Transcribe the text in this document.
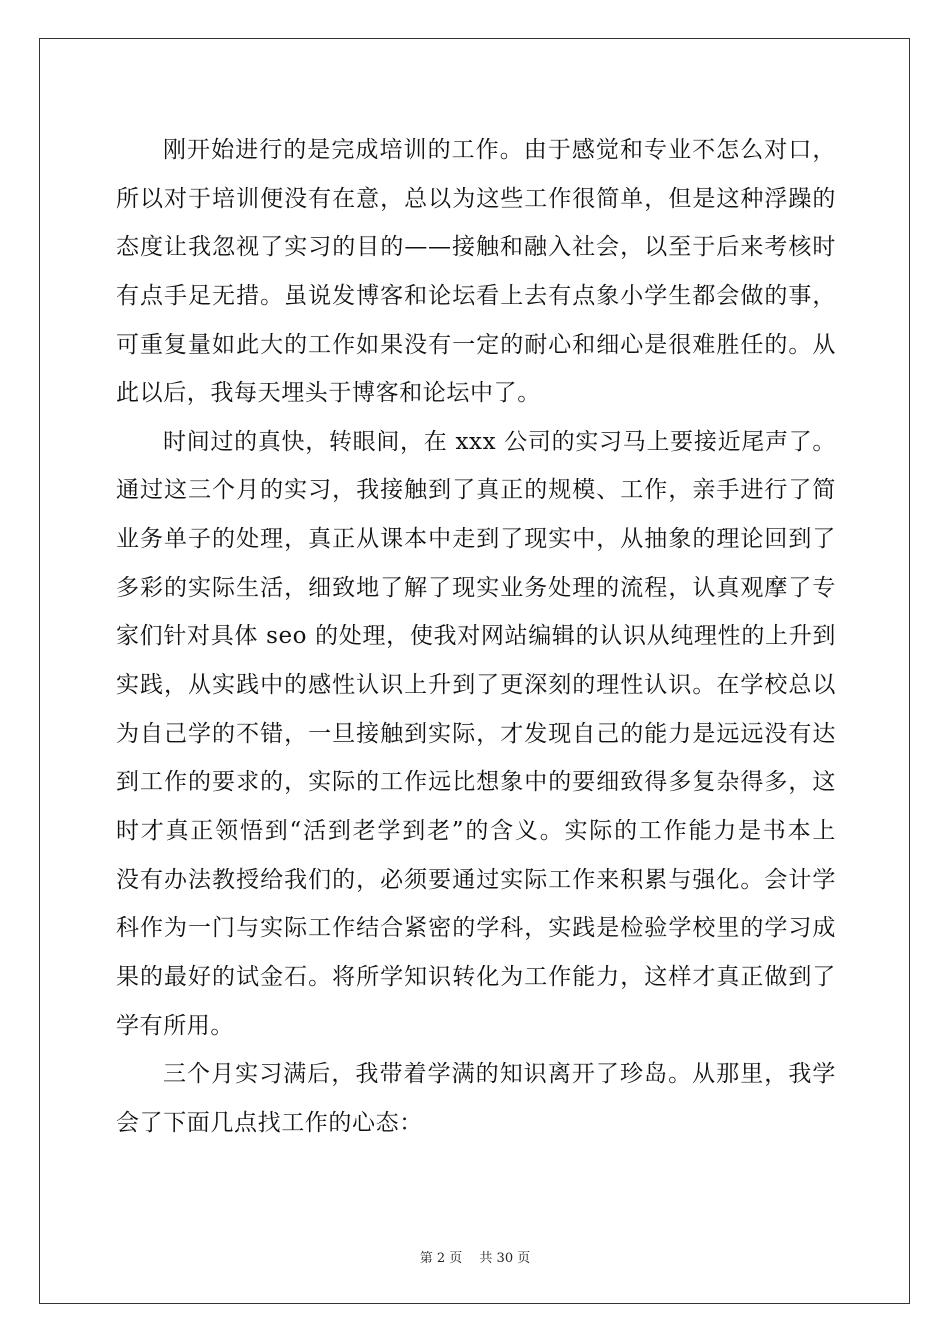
刚开始进行的是完成培训的工作。由于感觉和专业不怎么对口，
所以对于培训便没有在意，总以为这些工作很简单，但是这种浮躁的
态度让我忽视了实习的目的——接触和融入社会，以至于后来考核时
有点手足无措。虽说发博客和论坛看上去有点象小学生都会做的事，
可重复量如此大的工作如果没有一定的耐心和细心是很难胜任的。从
此以后，我每天埋头于博客和论坛中了。
时间过的真快，转眼间，在 xxx 公司的实习马上要接近尾声了。
通过这三个月的实习，我接触到了真正的规模、工作，亲手进行了简
业务单子的处理，真正从课本中走到了现实中，从抽象的理论回到了
多彩的实际生活，细致地了解了现实业务处理的流程，认真观摩了专
家们针对具体 seo 的处理，使我对网站编辑的认识从纯理性的上升到
实践，从实践中的感性认识上升到了更深刻的理性认识。在学校总以
为自己学的不错，一旦接触到实际，才发现自己的能力是远远没有达
到工作的要求的，实际的工作远比想象中的要细致得多复杂得多，这
时才真正领悟到“活到老学到老”的含义。实际的工作能力是书本上
没有办法教授给我们的，必须要通过实际工作来积累与强化。会计学
科作为一门与实际工作结合紧密的学科，实践是检验学校里的学习成
果的最好的试金石。将所学知识转化为工作能力，这样才真正做到了
学有所用。
三个月实习满后，我带着学满的知识离开了珍岛。从那里，我学
会了下面几点找工作的心态：
第 2 页　 共 30 页
